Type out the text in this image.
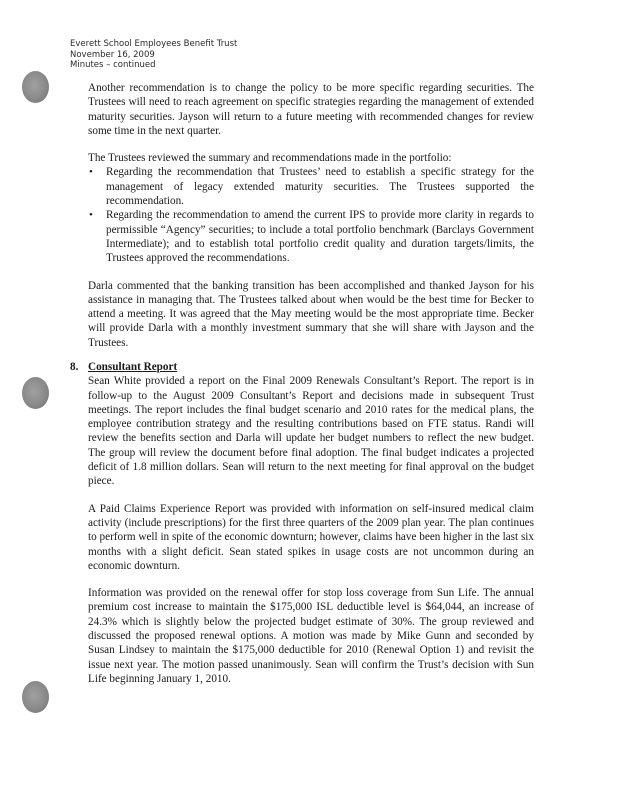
Everett School Employees Benefit Trust
November 16, 2009
Minutes – continued

Another recommendation is to change the policy to be more specific regarding securities. The Trustees will need to reach agreement on specific strategies regarding the management of extended maturity securities. Jayson will return to a future meeting with recommended changes for review some time in the next quarter.

The Trustees reviewed the summary and recommendations made in the portfolio:

• Regarding the recommendation that Trustees’ need to establish a specific strategy for the management of legacy extended maturity securities. The Trustees supported the recommendation.
• Regarding the recommendation to amend the current IPS to provide more clarity in regards to permissible “Agency” securities; to include a total portfolio benchmark (Barclays Government Intermediate); and to establish total portfolio credit quality and duration targets/limits, the Trustees approved the recommendations.

Darla commented that the banking transition has been accomplished and thanked Jayson for his assistance in managing that. The Trustees talked about when would be the best time for Becker to attend a meeting. It was agreed that the May meeting would be the most appropriate time. Becker will provide Darla with a monthly investment summary that she will share with Jayson and the Trustees.

8. Consultant Report

Sean White provided a report on the Final 2009 Renewals Consultant’s Report. The report is in follow-up to the August 2009 Consultant’s Report and decisions made in subsequent Trust meetings. The report includes the final budget scenario and 2010 rates for the medical plans, the employee contribution strategy and the resulting contributions based on FTE status. Randi will review the benefits section and Darla will update her budget numbers to reflect the new budget. The group will review the document before final adoption. The final budget indicates a projected deficit of 1.8 million dollars. Sean will return to the next meeting for final approval on the budget piece.

A Paid Claims Experience Report was provided with information on self-insured medical claim activity (include prescriptions) for the first three quarters of the 2009 plan year. The plan continues to perform well in spite of the economic downturn; however, claims have been higher in the last six months with a slight deficit. Sean stated spikes in usage costs are not uncommon during an economic downturn.

Information was provided on the renewal offer for stop loss coverage from Sun Life. The annual premium cost increase to maintain the $175,000 ISL deductible level is $64,044, an increase of 24.3% which is slightly below the projected budget estimate of 30%. The group reviewed and discussed the proposed renewal options. A motion was made by Mike Gunn and seconded by Susan Lindsey to maintain the $175,000 deductible for 2010 (Renewal Option 1) and revisit the issue next year. The motion passed unanimously. Sean will confirm the Trust’s decision with Sun Life beginning January 1, 2010.
